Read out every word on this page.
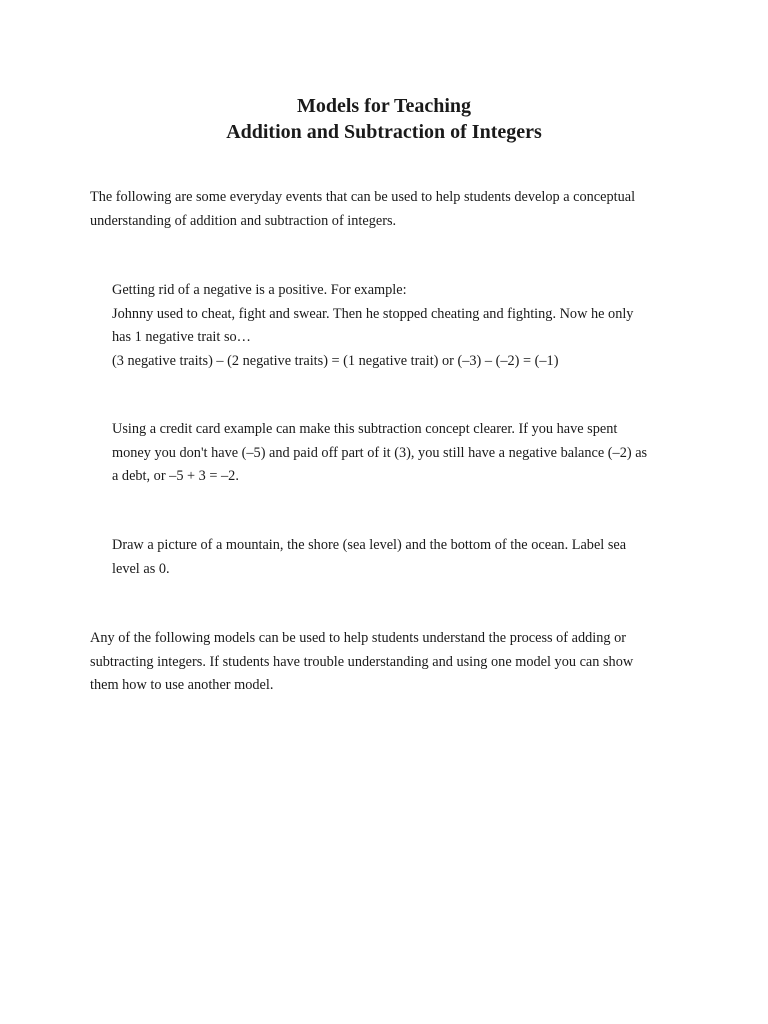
Models for Teaching
Addition and Subtraction of Integers
The following are some everyday events that can be used to help students develop a conceptual
understanding of addition and subtraction of integers.
Getting rid of a negative is a positive. For example:
Johnny used to cheat, fight and swear. Then he stopped cheating and fighting. Now he only
has 1 negative trait so…
(3 negative traits) – (2 negative traits) = (1 negative trait) or (–3) – (–2) = (–1)
Using a credit card example can make this subtraction concept clearer. If you have spent
money you don't have (–5) and paid off part of it (3), you still have a negative balance (–2) as
a debt, or –5 + 3 = –2.
Draw a picture of a mountain, the shore (sea level) and the bottom of the ocean. Label sea
level as 0.
Any of the following models can be used to help students understand the process of adding or
subtracting integers. If students have trouble understanding and using one model you can show
them how to use another model.
